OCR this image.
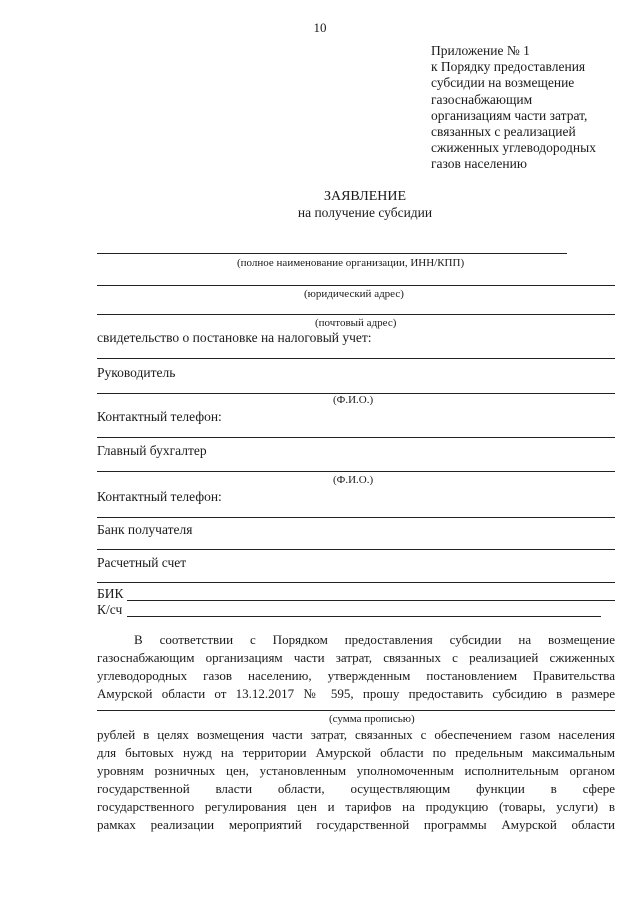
10
Приложение № 1
к Порядку предоставления
субсидии на возмещение
газоснабжающим
организациям части затрат,
связанных с реализацией
сжиженных углеводородных
газов населению
ЗАЯВЛЕНИЕ
на получение субсидии
(полное наименование организации, ИНН/КПП)
(юридический адрес)
(почтовый адрес)
свидетельство о постановке на налоговый учет:
Руководитель
(Ф.И.О.)
Контактный телефон:
Главный бухгалтер
(Ф.И.О.)
Контактный телефон:
Банк получателя
Расчетный счет
БИК
К/сч
В соответствии с Порядком предоставления субсидии на возмещение
газоснабжающим организациям части затрат, связанных с реализацией сжиженных
углеводородных газов населению, утвержденным постановлением Правительства
Амурской области от 13.12.2017 № 595, прошу предоставить субсидию в размере
(сумма прописью)
рублей в целях возмещения части затрат, связанных с обеспечением газом населения
для бытовых нужд на территории Амурской области по предельным максимальным
уровням розничных цен, установленным уполномоченным исполнительным органом
государственной власти области, осуществляющим функции в сфере
государственного регулирования цен и тарифов на продукцию (товары, услуги) в
рамках реализации мероприятий государственной программы Амурской области
